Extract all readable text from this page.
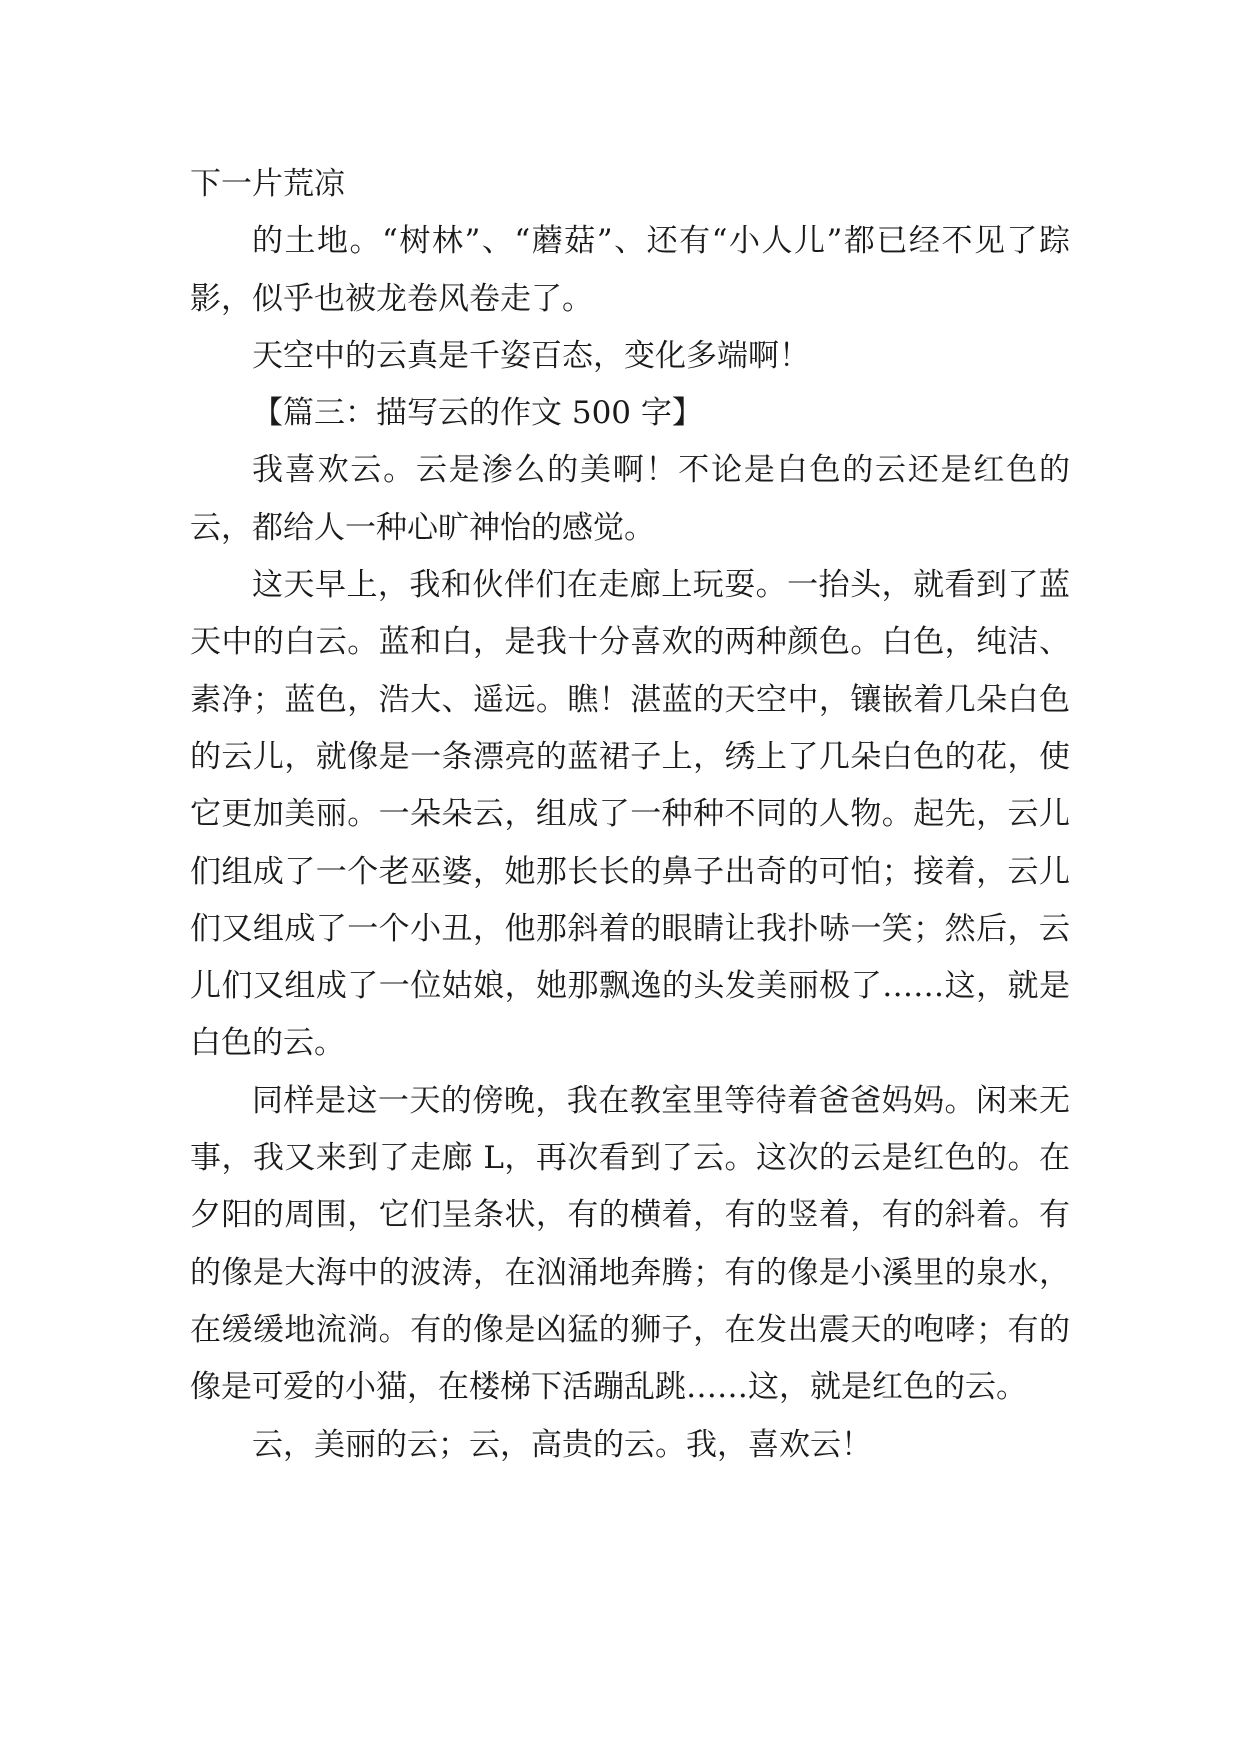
下一片荒凉

的土地。“树林”、“蘑菇”、还有“小人儿”都已经不见了踪影，似乎也被龙卷风卷走了。

天空中的云真是千姿百态，变化多端啊！

【篇三：描写云的作文 500 字】

我喜欢云。云是渗么的美啊！不论是白色的云还是红色的云，都给人一种心旷神怡的感觉。

这天早上，我和伙伴们在走廊上玩耍。一抬头，就看到了蓝天中的白云。蓝和白，是我十分喜欢的两种颜色。白色，纯洁、素净；蓝色，浩大、遥远。瞧！湛蓝的天空中，镶嵌着几朵白色的云儿，就像是一条漂亮的蓝裙子上，绣上了几朵白色的花，使它更加美丽。一朵朵云，组成了一种种不同的人物。起先，云儿们组成了一个老巫婆，她那长长的鼻子出奇的可怕；接着，云儿们又组成了一个小丑，他那斜着的眼睛让我扑哧一笑；然后，云儿们又组成了一位姑娘，她那飘逸的头发美丽极了……这，就是白色的云。

同样是这一天的傍晚，我在教室里等待着爸爸妈妈。闲来无事，我又来到了走廊 L，再次看到了云。这次的云是红色的。在夕阳的周围，它们呈条状，有的横着，有的竖着，有的斜着。有的像是大海中的波涛，在汹涌地奔腾；有的像是小溪里的泉水，在缓缓地流淌。有的像是凶猛的狮子，在发出震天的咆哮；有的像是可爱的小猫，在楼梯下活蹦乱跳……这，就是红色的云。

云，美丽的云；云，高贵的云。我，喜欢云！
